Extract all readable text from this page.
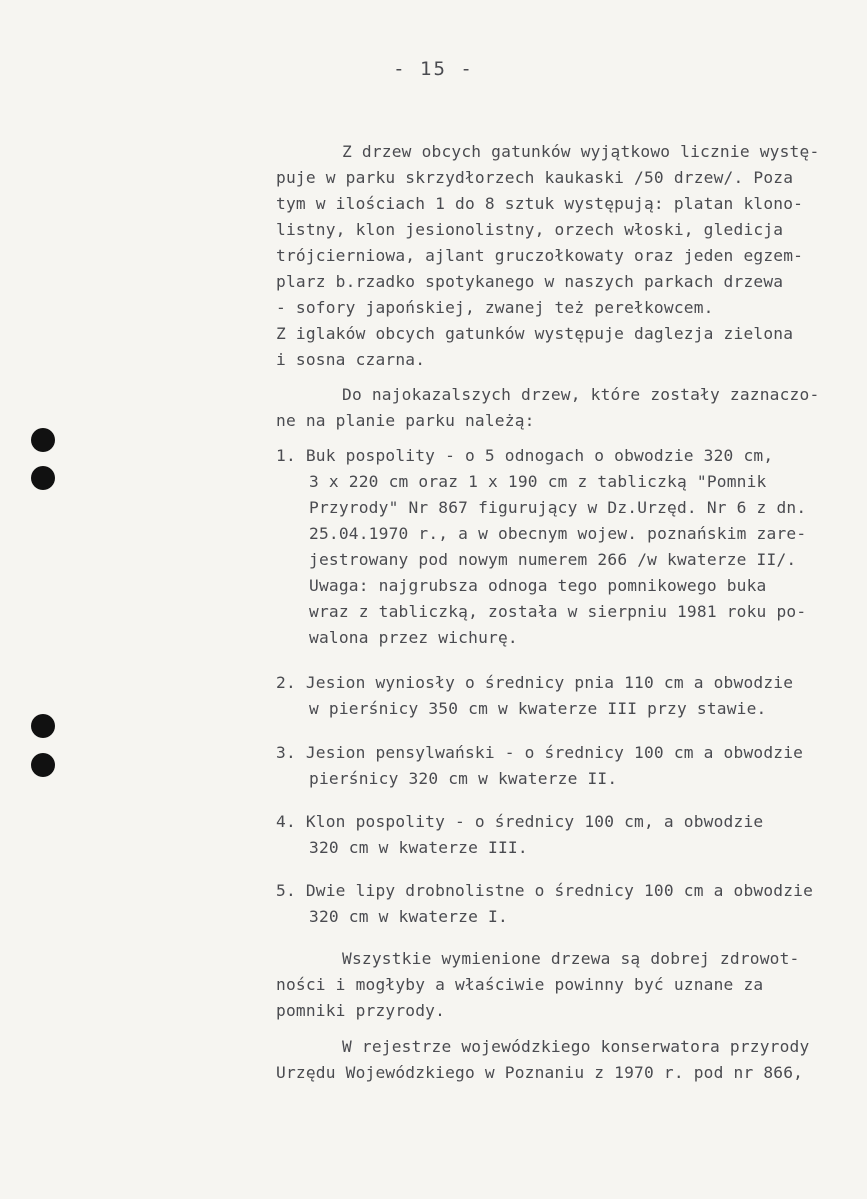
- 15 -
Z drzew obcych gatunków wyjątkowo licznie wystę-
puje w parku skrzydłorzech kaukaski /50 drzew/. Poza
tym w ilościach 1 do 8 sztuk występują: platan klono-
listny, klon jesionolistny, orzech włoski, gledicja
trójcierniowa, ajlant gruczołkowaty oraz jeden egzem-
plarz b.rzadko spotykanego w naszych parkach drzewa
- sofory japońskiej, zwanej też perełkowcem.
Z iglaków obcych gatunków występuje daglezja zielona
i sosna czarna.
Do najokazalszych drzew, które zostały zaznaczo-
ne na planie parku należą:
1. Buk pospolity - o 5 odnogach o obwodzie 320 cm,
3 x 220 cm oraz 1 x 190 cm z tabliczką "Pomnik
Przyrody" Nr 867 figurujący w Dz.Urzęd. Nr 6 z dn.
25.04.1970 r., a w obecnym wojew. poznańskim zare-
jestrowany pod nowym numerem 266 /w kwaterze II/.
Uwaga: najgrubsza odnoga tego pomnikowego buka
wraz z tabliczką, została w sierpniu 1981 roku po-
walona przez wichurę.
2. Jesion wyniosły o średnicy pnia 110 cm a obwodzie
w pierśnicy 350 cm w kwaterze III przy stawie.
3. Jesion pensylwański - o średnicy 100 cm a obwodzie
pierśnicy 320 cm w kwaterze II.
4. Klon pospolity - o średnicy 100 cm, a obwodzie
320 cm w kwaterze III.
5. Dwie lipy drobnolistne o średnicy 100 cm a obwodzie
320 cm w kwaterze I.
Wszystkie wymienione drzewa są dobrej zdrowot-
ności i mogłyby a właściwie powinny być uznane za
pomniki przyrody.
W rejestrze wojewódzkiego konserwatora przyrody
Urzędu Wojewódzkiego w Poznaniu z 1970 r. pod nr 866,
